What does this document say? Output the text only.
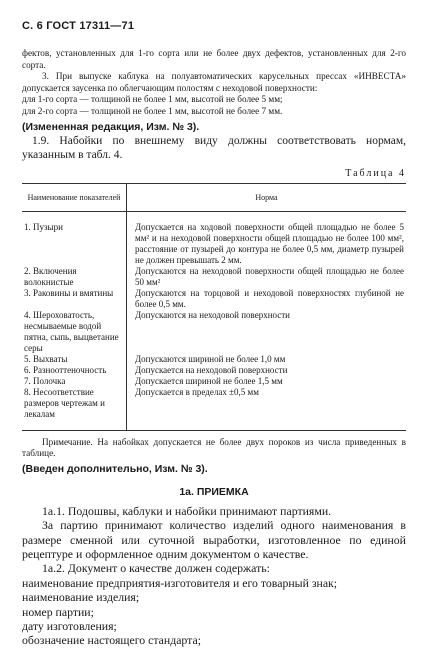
С. 6 ГОСТ 17311—71

фектов, установленных для 1-го сорта или не более двух дефектов, установленных для 2-го сорта.

3. При выпуске каблука на полуавтоматических карусельных прессах «ИНВЕСТА» допускается заусенка по облегчающим полостям с неходовой поверхности:

для 1-го сорта — толщиной не более 1 мм, высотой не более 5 мм;

для 2-го сорта — толщиной не более 1 мм, высотой не более 7 мм.

(Измененная редакция, Изм. № 3).

1.9. Набойки по внешнему виду должны соответствовать нормам, указанным в табл. 4.

Таблица 4
Наименование показателей	Норма
1. Пузыри	Допускается на ходовой поверхности общей площадью не более 5 мм² и на неходовой поверхности общей площадью не более 100 мм², расстояние от пузырей до контура не более 0,5 мм, диаметр пузырей не должен превышать 2 мм.
2. Включения волокнистые	Допускаются на неходовой поверхности общей площадью не более 50 мм²
3. Раковины и вмятины	Допускаются на торцовой и неходовой поверхностях глубиной не более 0,5 мм.
4. Шероховатость, несмываемые водой пятна, сыпь, выцветание серы	Допускаются на неходовой поверхности
5. Выхваты	Допускаются шириной не более 1,0 мм
6. Разнооттеночность	Допускается на неходовой поверхности
7. Полочка	Допускается шириной не более 1,5 мм
8. Несоответствие размеров чертежам и лекалам	Допускается в пределах ±0,5 мм

Примечание. На набойках допускается не более двух пороков из числа приведенных в таблице.

(Введен дополнительно, Изм. № 3).

1а. ПРИЕМКА

1а.1. Подошвы, каблуки и набойки принимают партиями.

За партию принимают количество изделий одного наименования в размере сменной или суточной выработки, изготовленное по единой рецептуре и оформленное одним документом о качестве.

1а.2. Документ о качестве должен содержать:

наименование предприятия-изготовителя и его товарный знак;

наименование изделия;

номер партии;

дату изготовления;

обозначение настоящего стандарта;
